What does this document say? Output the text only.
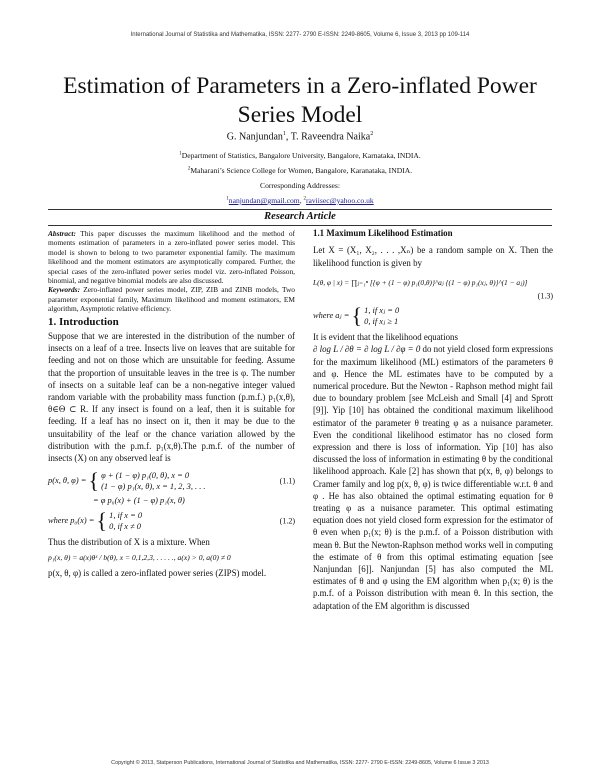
International Journal of Statistika and Mathematika, ISSN: 2277- 2790 E-ISSN: 2249-8605, Volume 6, Issue 3, 2013 pp 109-114
Estimation of Parameters in a Zero-inflated Power Series Model
G. Nanjundan$^1$, T. Raveendra Naika$^2$
$^1$Department of Statistics, Bangalore University, Bangalore, Karnataka, INDIA.
$^2$Maharani’s Science College for Women, Bangalore, Karanataka, INDIA.
Corresponding Addresses:
$^1$nanjundan@gmail.com, $^2$raviisec@yahoo.co.uk
Research Article

Abstract: This paper discusses the maximum likelihood and the method of moments estimation of parameters in a zero-inflated power series model. This model is shown to belong to two parameter exponential family. The maximum likelihood and the moment estimators are asymptotically compared. Further, the special cases of the zero-inflated power series model viz. zero-inflated Poisson, binomial, and negative binomial models are also discussed.

Keywords: Zero-inflated power series model, ZIP, ZIB and ZINB models, Two parameter exponential family, Maximum likelihood and moment estimators, EM algorithm, Asymptotic relative efficiency.

1. Introduction

Suppose that we are interested in the distribution of the number of insects on a leaf of a tree. Insects live on leaves that are suitable for feeding and not on those which are unsuitable for feeding. Assume that the proportion of unsuitable leaves in the tree is φ. The number of insects on a suitable leaf can be a non-negative integer valued random variable with the probability mass function (p.m.f.) p₁(x,θ), θ∈Θ ⊂ R. If any insect is found on a leaf, then it is suitable for feeding. If a leaf has no insect on it, then it may be due to the unsuitability of the leaf or the chance variation allowed by the distribution with the p.m.f. p₁(x,θ).The p.m.f. of the number of insects (X) on any observed leaf is

p(x, θ, φ) = { φ + (1 − φ) p₁(0, θ), x = 0
(1 − φ) p₁(x, θ), x = 1, 2, 3, . . .
(1.1)
= φ p₀(x) + (1 − φ) p₁(x, θ)
where p₀(x) = { 1, if x = 0
0, if x ≠ 0
(1.2)

Thus the distribution of X is a mixture. When

p₁(x, θ) = a(x)θˣ / b(θ), x = 0,1,2,3, . . . . ., a(x) > 0, a(0) ≠ 0

p(x, θ, φ) is called a zero-inflated power series (ZIPS) model.

1.1 Maximum Likelihood Estimation

Let X = (X₁, X₂, . . . ,Xₙ) be a random sample on X. Then the likelihood function is given by

L(θ, φ | x) = ∏ⱼ₌₁ⁿ [{φ + (1 − φ) p₁(0,θ)}^aⱼ {(1 − φ) p₁(xⱼ, θ)}^(1 − aⱼ)]
(1.3)
where aⱼ = { 1, if xⱼ = 0
0, if xⱼ ≥ 1

It is evident that the likelihood equations

∂ log L / ∂θ = ∂ log L / ∂φ = 0 do not yield closed form expressions for the maximum likelihood (ML) estimators of the parameters θ and φ. Hence the ML estimates have to be computed by a numerical procedure. But the Newton - Raphson method might fail due to boundary problem [see McLeish and Small [4] and Sprott [9]]. Yip [10] has obtained the conditional maximum likelihood estimator of the parameter θ treating φ as a nuisance parameter. Even the conditional likelihood estimator has no closed form expression and there is loss of information. Yip [10] has also discussed the loss of information in estimating θ by the conditional likelihood approach. Kale [2] has shown that p(x, θ, φ) belongs to Cramer family and log p(x, θ, φ) is twice differentiable w.r.t. θ and φ . He has also obtained the optimal estimating equation for θ treating φ as a nuisance parameter. This optimal estimating equation does not yield closed form expression for the estimator of θ even when p₁(x; θ) is the p.m.f. of a Poisson distribution with mean θ. But the Newton-Raphson method works well in computing the estimate of θ from this optimal estimating equation [see Nanjundan [6]]. Nanjundan [5] has also computed the ML estimates of θ and φ using the EM algorithm when p₁(x; θ) is the p.m.f. of a Poisson distribution with mean θ. In this section, the adaptation of the EM algorithm is discussed

Copyright © 2013, Statperson Publications, International Journal of Statistika and Mathematika, ISSN: 2277- 2790 E-ISSN: 2249-8605, Volume 6 Issue 3 2013
